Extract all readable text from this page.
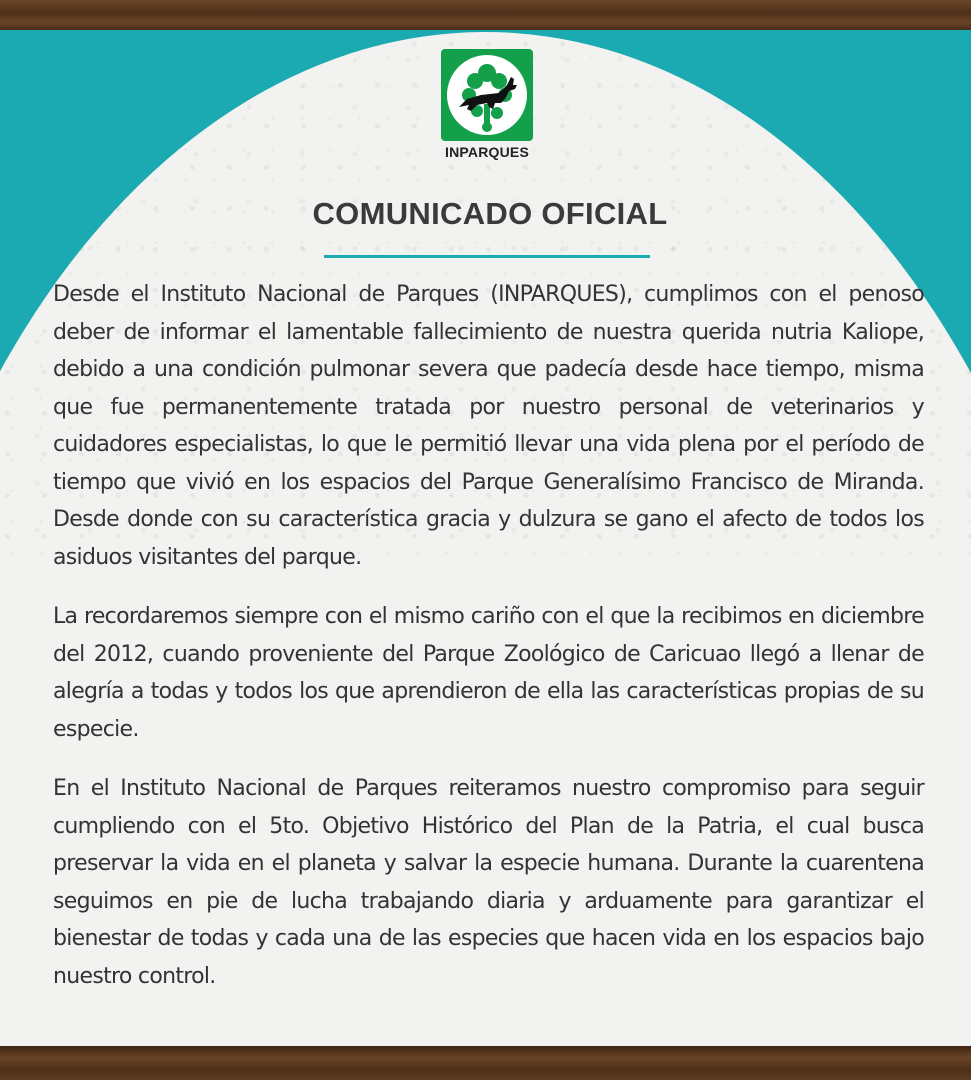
INPARQUES
COMUNICADO OFICIAL

Desde el Instituto Nacional de Parques (INPARQUES), cumplimos con el penoso deber de informar el lamentable fallecimiento de nuestra querida nutria Kaliope, debido a una condición pulmonar severa que padecía desde hace tiempo, misma que fue permanentemente tratada por nuestro personal de veterinarios y cuidadores especialistas, lo que le permitió llevar una vida plena por el período de tiempo que vivió en los espacios del Parque Generalísimo Francisco de Miranda. Desde donde con su característica gracia y dulzura se gano el afecto de todos los asiduos visitantes del parque.

La recordaremos siempre con el mismo cariño con el que la recibimos en diciembre del 2012, cuando proveniente del Parque Zoológico de Caricuao llegó a llenar de alegría a todas y todos los que aprendieron de ella las características propias de su especie.

En el Instituto Nacional de Parques reiteramos nuestro compromiso para seguir cumpliendo con el 5to. Objetivo Histórico del Plan de la Patria, el cual busca preservar la vida en el planeta y salvar la especie humana. Durante la cuarentena seguimos en pie de lucha trabajando diaria y arduamente para garantizar el bienestar de todas y cada una de las especies que hacen vida en los espacios bajo nuestro control.
